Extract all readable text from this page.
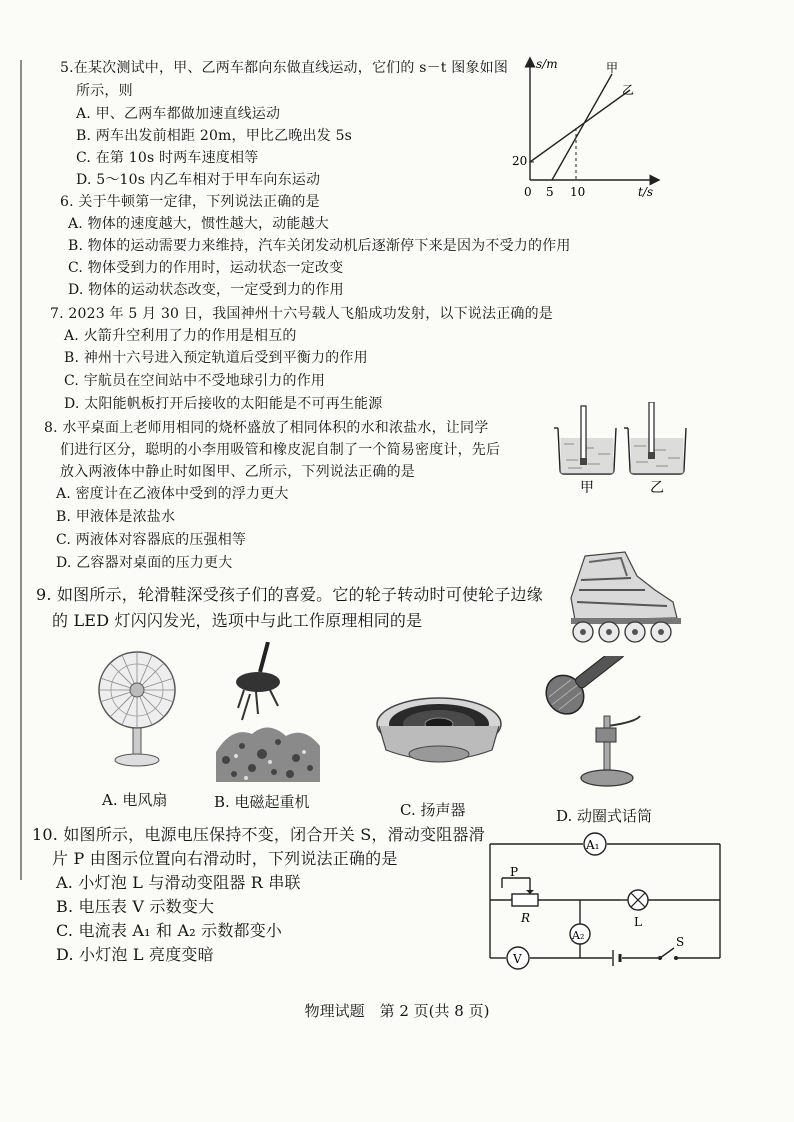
5.在某次测试中，甲、乙两车都向东做直线运动，它们的 s－t 图象如图
所示，则
A. 甲、乙两车都做加速直线运动
B. 两车出发前相距 20m，甲比乙晚出发 5s
C. 在第 10s 时两车速度相等
D. 5～10s 内乙车相对于甲车向东运动
s/m
t/s
20
0 5 10
甲
乙
6. 关于牛顿第一定律，下列说法正确的是
A. 物体的速度越大，惯性越大，动能越大
B. 物体的运动需要力来维持，汽车关闭发动机后逐渐停下来是因为不受力的作用
C. 物体受到力的作用时，运动状态一定改变
D. 物体的运动状态改变，一定受到力的作用
7. 2023 年 5 月 30 日，我国神州十六号载人飞船成功发射，以下说法正确的是
A. 火箭升空利用了力的作用是相互的
B. 神州十六号进入预定轨道后受到平衡力的作用
C. 宇航员在空间站中不受地球引力的作用
D. 太阳能帆板打开后接收的太阳能是不可再生能源
8. 水平桌面上老师用相同的烧杯盛放了相同体积的水和浓盐水，让同学
们进行区分，聪明的小李用吸管和橡皮泥自制了一个简易密度计，先后
放入两液体中静止时如图甲、乙所示，下列说法正确的是
A. 密度计在乙液体中受到的浮力更大
B. 甲液体是浓盐水
C. 两液体对容器底的压强相等
D. 乙容器对桌面的压力更大
甲	乙
9. 如图所示，轮滑鞋深受孩子们的喜爱。它的轮子转动时可使轮子边缘
的 LED 灯闪闪发光，选项中与此工作原理相同的是
A. 电风扇	B. 电磁起重机	C. 扬声器	D. 动圈式话筒
10. 如图所示，电源电压保持不变，闭合开关 S，滑动变阻器滑
片 P 由图示位置向右滑动时，下列说法正确的是
A. 小灯泡 L 与滑动变阻器 R 串联
B. 电压表 V 示数变大
C. 电流表 A₁ 和 A₂ 示数都变小
D. 小灯泡 L 亮度变暗
A₁
P
R	L
A₂
V
S
物理试题　第 2 页(共 8 页)
